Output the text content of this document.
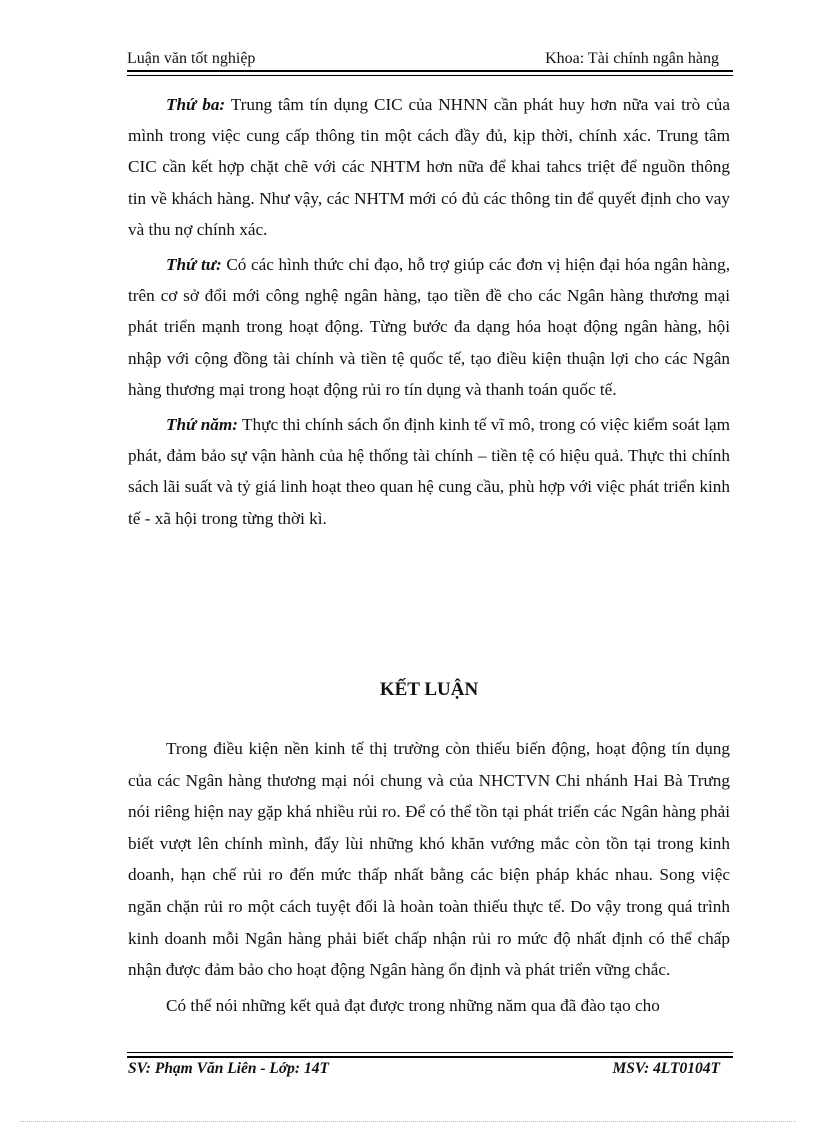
Luận văn tốt nghiệp	Khoa: Tài chính ngân hàng

Thứ ba: Trung tâm tín dụng CIC của NHNN cần phát huy hơn nữa vai trò của mình trong việc cung cấp thông tin một cách đầy đủ, kịp thời, chính xác. Trung tâm CIC cần kết hợp chặt chẽ với các NHTM hơn nữa để khai tahcs triệt để nguồn thông tin về khách hàng. Như vậy, các NHTM mới có đủ các thông tin để quyết định cho vay và thu nợ chính xác.

Thứ tư: Có các hình thức chỉ đạo, hỗ trợ giúp các đơn vị hiện đại hóa ngân hàng, trên cơ sở đổi mới công nghệ ngân hàng, tạo tiền đề cho các Ngân hàng thương mại phát triển mạnh trong hoạt động. Từng bước đa dạng hóa hoạt động ngân hàng, hội nhập với cộng đồng tài chính và tiền tệ quốc tế, tạo điều kiện thuận lợi cho các Ngân hàng thương mại trong hoạt động rủi ro tín dụng và thanh toán quốc tế.

Thứ năm: Thực thi chính sách ổn định kinh tế vĩ mô, trong có việc kiểm soát lạm phát, đảm bảo sự vận hành của hệ thống tài chính – tiền tệ có hiệu quả. Thực thi chính sách lãi suất và tỷ giá linh hoạt theo quan hệ cung cầu, phù hợp với việc phát triển kinh tế - xã hội trong từng thời kì.

KẾT LUẬN

Trong điều kiện nền kinh tế thị trường còn thiếu biến động, hoạt động tín dụng của các Ngân hàng thương mại nói chung và của NHCTVN Chi nhánh Hai Bà Trưng nói riêng hiện nay gặp khá nhiều rủi ro. Để có thể tồn tại phát triển các Ngân hàng phải biết vượt lên chính mình, đẩy lùi những khó khăn vướng mắc còn tồn tại trong kinh doanh, hạn chế rủi ro đến mức thấp nhất bằng các biện pháp khác nhau. Song việc ngăn chặn rủi ro một cách tuyệt đối là hoàn toàn thiếu thực tế. Do vậy trong quá trình kinh doanh mỗi Ngân hàng phải biết chấp nhận rủi ro mức độ nhất định có thể chấp nhận được đảm bảo cho hoạt động Ngân hàng ổn định và phát triển vững chắc.

Có thể nói những kết quả đạt được trong những năm qua đã đào tạo cho

SV: Phạm Văn Liên - Lớp: 14T	MSV: 4LT0104T
